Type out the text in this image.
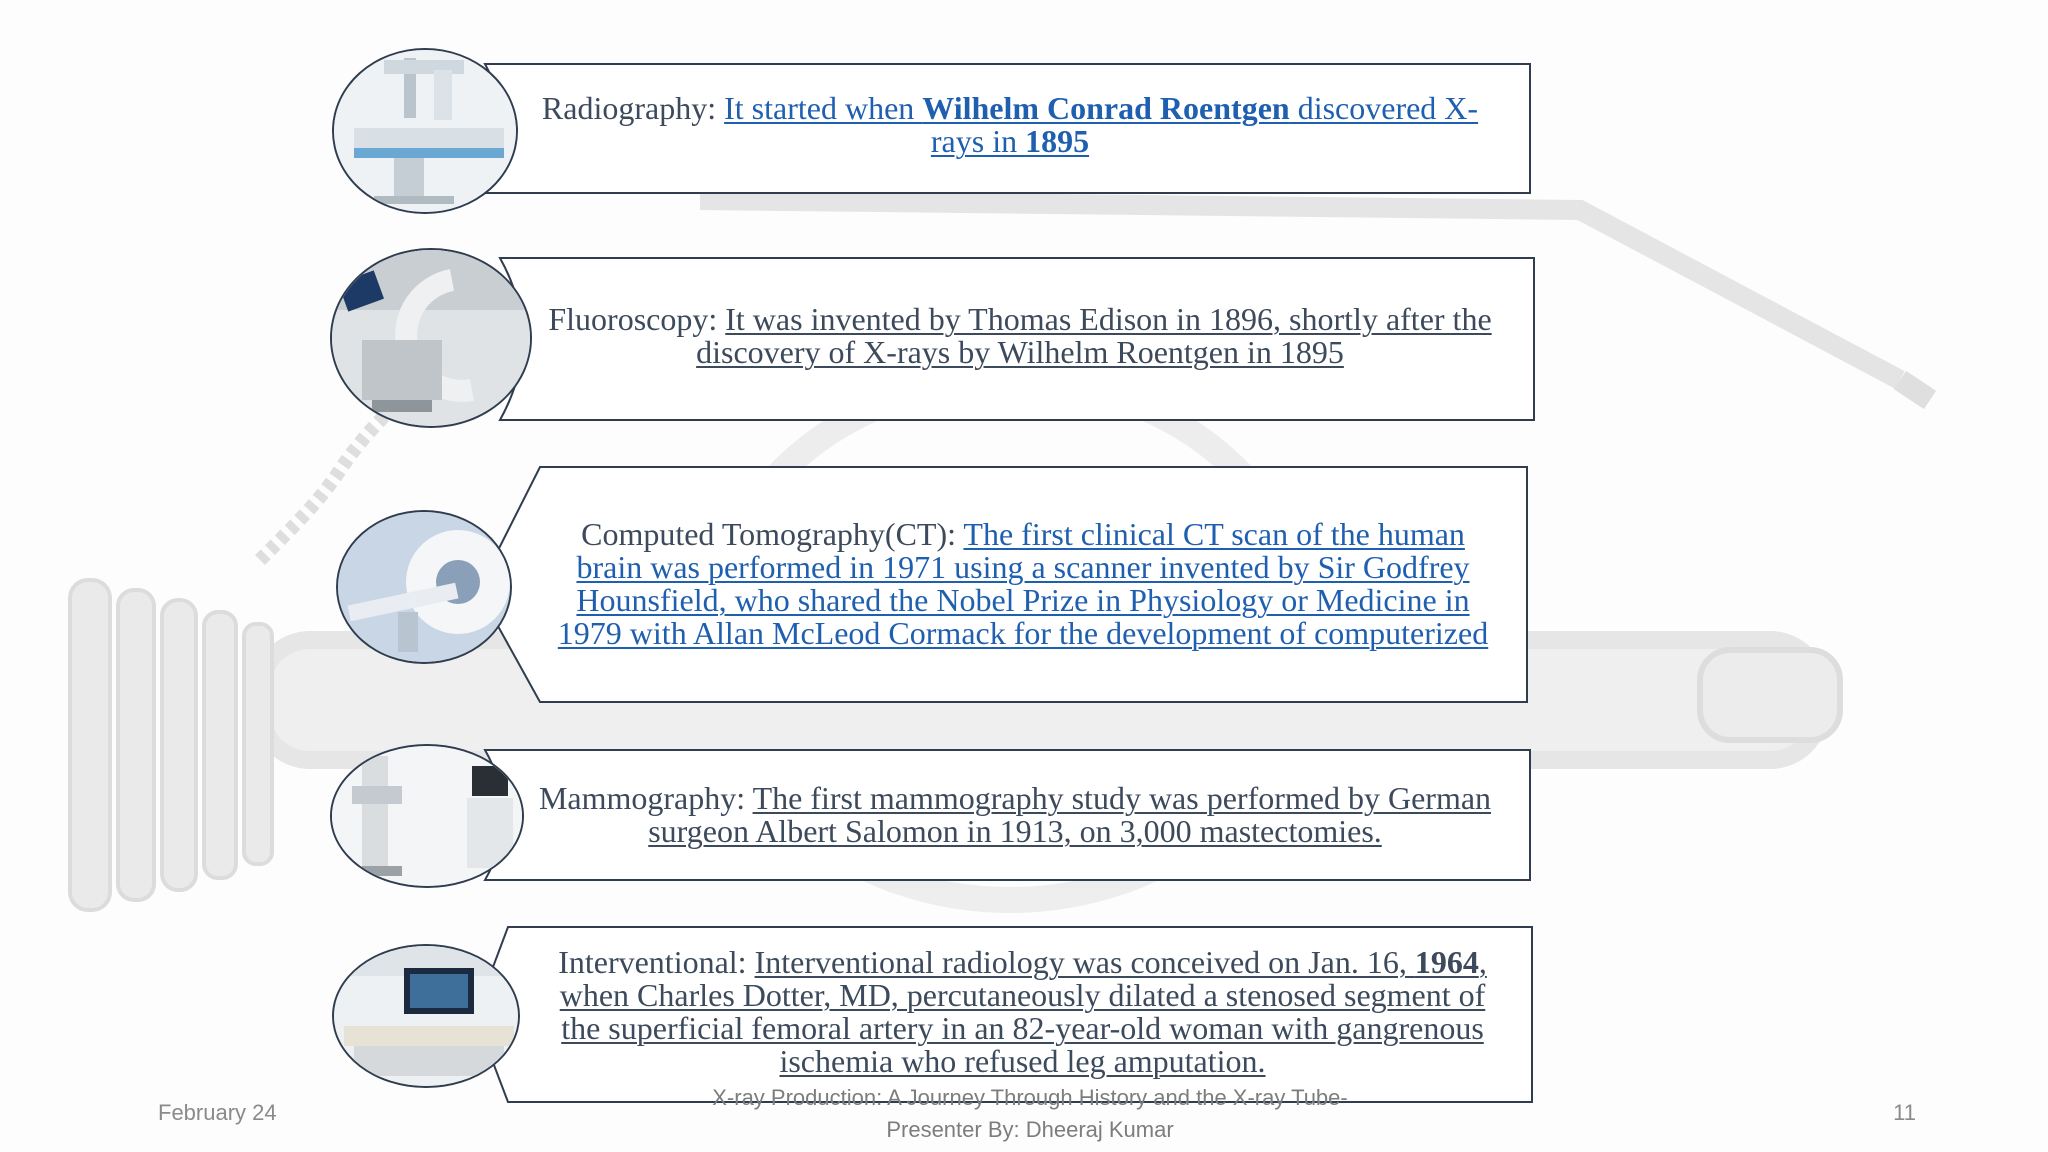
Radiography: It started when Wilhelm Conrad Roentgen discovered X-rays in 1895
Fluoroscopy: It was invented by Thomas Edison in 1896, shortly after the discovery of X-rays by Wilhelm Roentgen in 1895
Computed Tomography(CT): The first clinical CT scan of the human brain was performed in 1971 using a scanner invented by Sir Godfrey Hounsfield, who shared the Nobel Prize in Physiology or Medicine in 1979 with Allan McLeod Cormack for the development of computerized
Mammography: The first mammography study was performed by German surgeon Albert Salomon in 1913, on 3,000 mastectomies.
Interventional: Interventional radiology was conceived on Jan. 16, 1964, when Charles Dotter, MD, percutaneously dilated a stenosed segment of the superficial femoral artery in an 82-year-old woman with gangrenous ischemia who refused leg amputation.
February 24
X-ray Production: A Journey Through History and the X-ray Tube- Presenter By: Dheeraj Kumar
11
